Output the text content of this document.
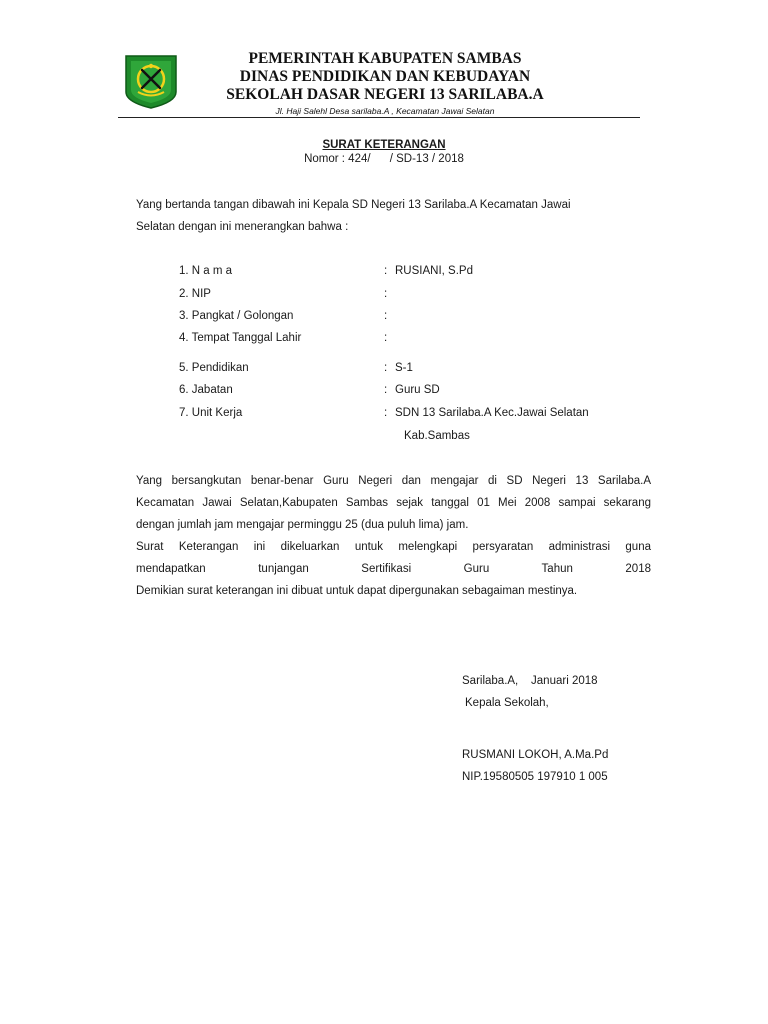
PEMERINTAH KABUPATEN SAMBAS
DINAS PENDIDIKAN DAN KEBUDAYAN
SEKOLAH DASAR NEGERI 13 SARILABA.A
Jl. Haji Salehl Desa sarilaba.A , Kecamatan Jawai Selatan
SURAT KETERANGAN
Nomor : 424/      / SD-13 / 2018
Yang bertanda tangan dibawah ini Kepala SD Negeri 13 Sarilaba.A Kecamatan Jawai
Selatan dengan ini menerangkan bahwa :
1. N a m a	: RUSIANI, S.Pd
2. NIP	:
3. Pangkat / Golongan	:
4. Tempat Tanggal Lahir	:
5. Pendidikan	: S-1
6. Jabatan	: Guru SD
7. Unit Kerja	: SDN 13 Sarilaba.A Kec.Jawai Selatan
Kab.Sambas
Yang bersangkutan benar-benar Guru Negeri dan mengajar di SD Negeri 13 Sarilaba.A
Kecamatan Jawai Selatan,Kabupaten Sambas sejak tanggal 01 Mei 2008 sampai sekarang
dengan jumlah jam mengajar perminggu 25 (dua puluh lima) jam.
Surat Keterangan ini dikeluarkan untuk melengkapi persyaratan administrasi guna
mendapatkan tunjangan Sertifikasi Guru Tahun 2018
Demikian surat keterangan ini dibuat untuk dapat dipergunakan sebagaiman mestinya.
Sarilaba.A,    Januari 2018
Kepala Sekolah,
RUSMANI LOKOH, A.Ma.Pd
NIP.19580505 197910 1 005
